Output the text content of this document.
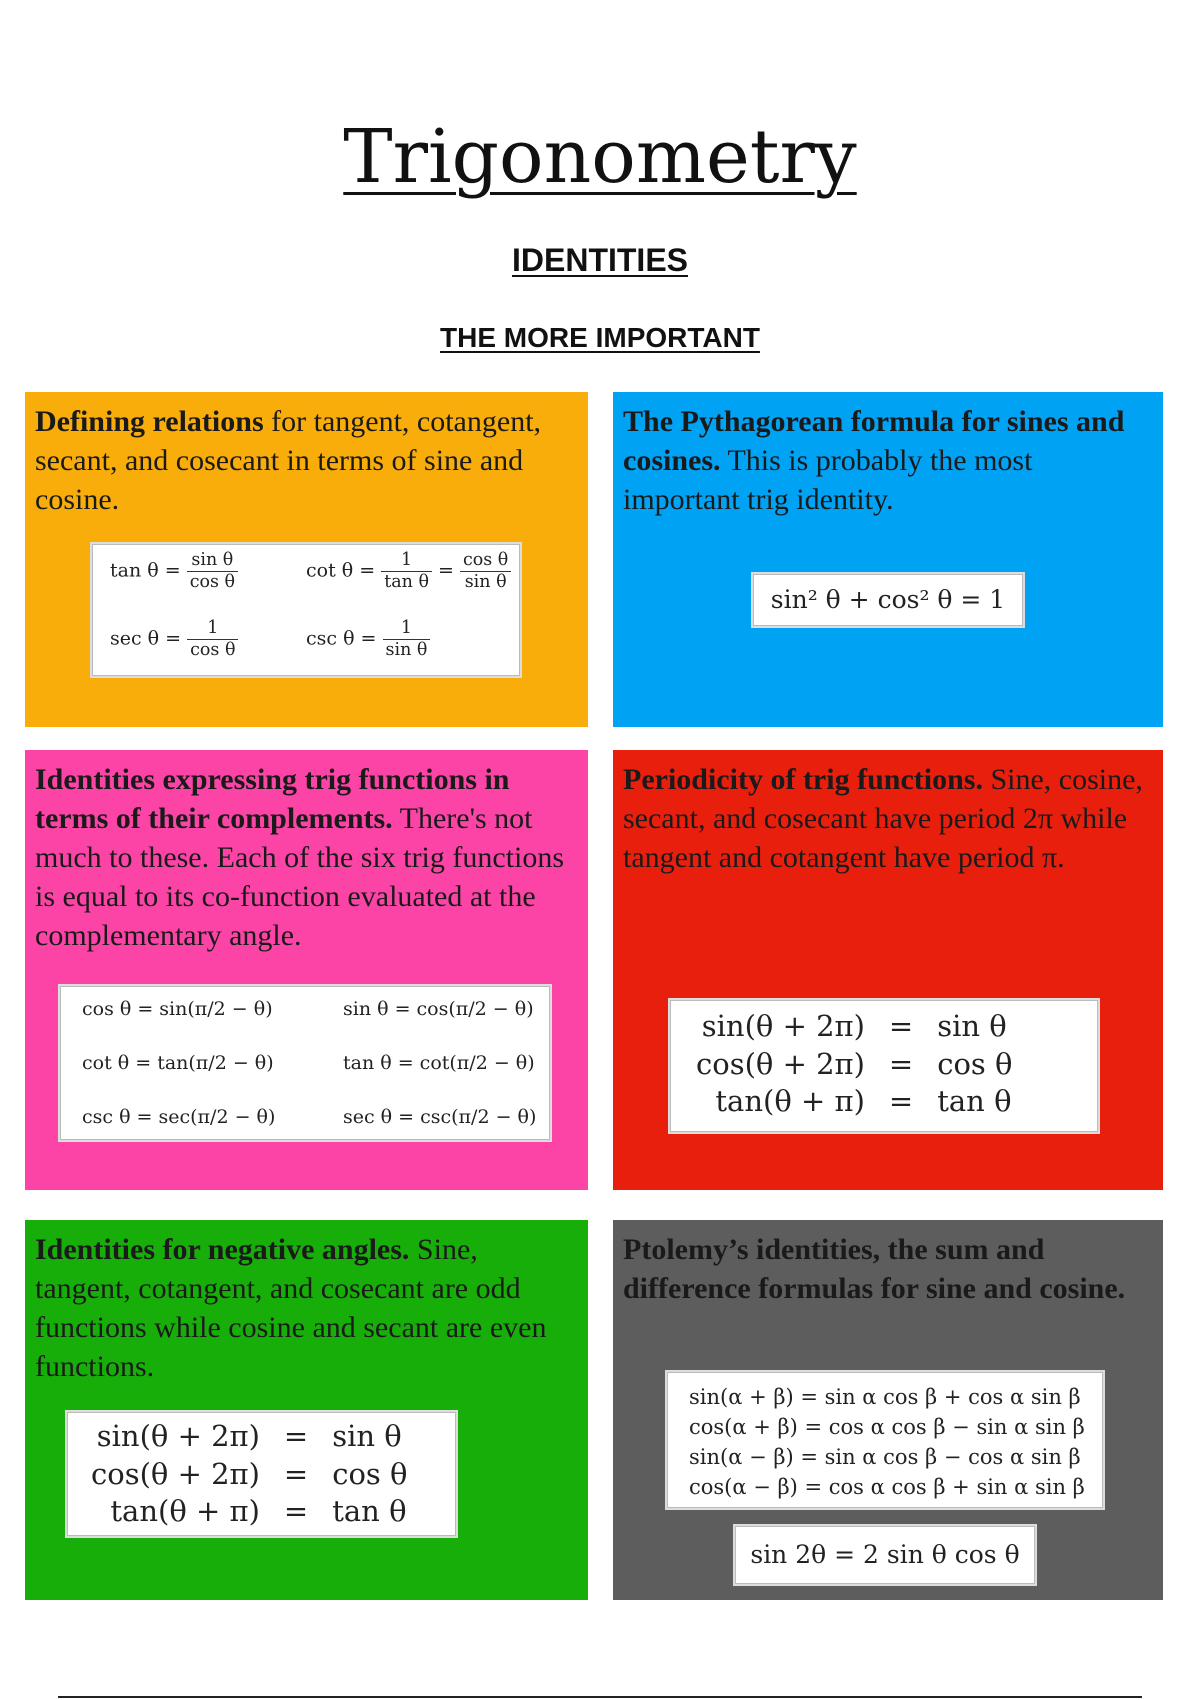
Trigonometry
IDENTITIES
THE MORE IMPORTANT
Defining relations for tangent, cotangent, secant, and cosecant in terms of sine and cosine.
$\tan \theta = \frac{\text{sin θ}}{\text{cos θ}}$	$\cot \theta = \frac{1}{\text{tan θ}} = \frac{\text{cos θ}}{\text{sin θ}}$
$\sec \theta = \frac{1}{\text{cos θ}}$	$\csc \theta = \frac{1}{\text{sin θ}}$
The Pythagorean formula for sines and cosines. This is probably the most important trig identity.
sin² θ + cos² θ = 1
Identities expressing trig functions in terms of their complements. There's not much to these. Each of the six trig functions is equal to its co-function evaluated at the complementary angle.
cos θ = sin(π/2 − θ)	sin θ = cos(π/2 − θ)
cot θ = tan(π/2 − θ)	tan θ = cot(π/2 − θ)
csc θ = sec(π/2 − θ)	sec θ = csc(π/2 − θ)
Periodicity of trig functions. Sine, cosine, secant, and cosecant have period 2π while tangent and cotangent have period π.
sin(θ + 2π)	=	sin θ
cos(θ + 2π)	=	cos θ
tan(θ + π)	=	tan θ
Identities for negative angles. Sine, tangent, cotangent, and cosecant are odd functions while cosine and secant are even functions.
sin(θ + 2π)	=	sin θ
cos(θ + 2π)	=	cos θ
tan(θ + π)	=	tan θ
Ptolemy’s identities, the sum and difference formulas for sine and cosine.
sin(α + β) = sin α cos β + cos α sin β
cos(α + β) = cos α cos β − sin α sin β
sin(α − β) = sin α cos β − cos α sin β
cos(α − β) = cos α cos β + sin α sin β
sin 2θ = 2 sin θ cos θ
